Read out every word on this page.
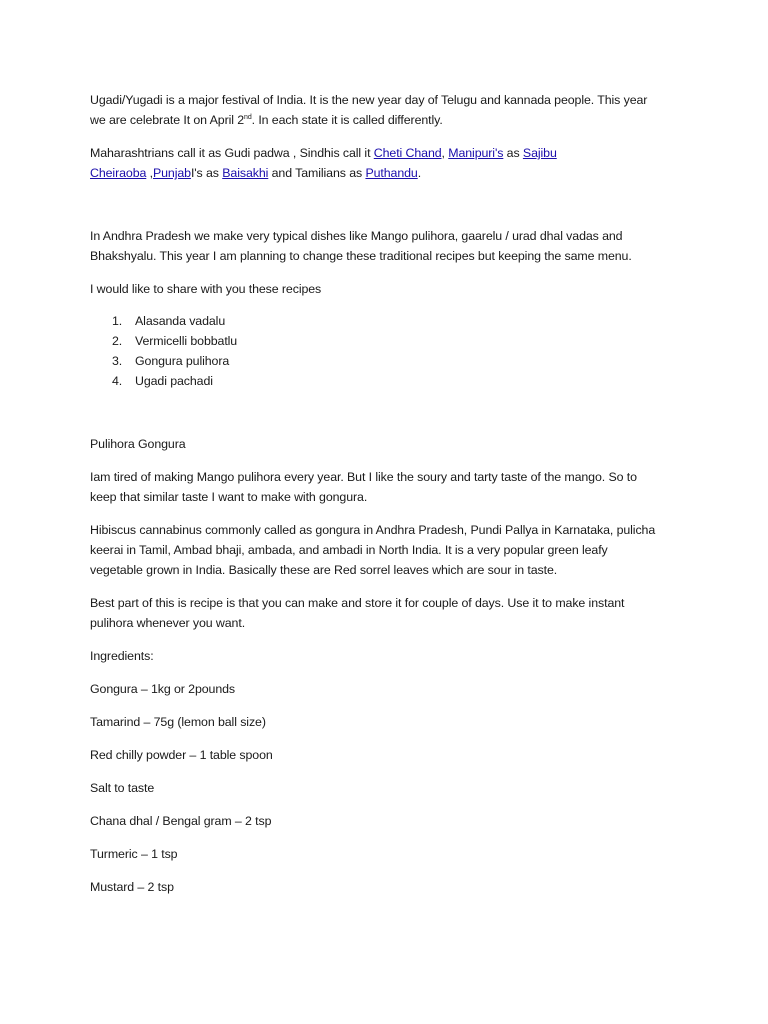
Ugadi/Yugadi is a major festival of India. It is the new year day of Telugu and kannada people. This year
we are celebrate It on April 2nd. In each state it is called differently.

Maharashtrians call it as Gudi padwa , Sindhis call it Cheti Chand, Manipuri's as Sajibu
Cheiraoba ,PunjabI's as Baisakhi and Tamilians as Puthandu.

In Andhra Pradesh we make very typical dishes like Mango pulihora, gaarelu / urad dhal vadas and
Bhakshyalu. This year I am planning to change these traditional recipes but keeping the same menu.

I would like to share with you these recipes

1. Alasanda vadalu
2. Vermicelli bobbatlu
3. Gongura pulihora
4. Ugadi pachadi

Pulihora Gongura

Iam tired of making Mango pulihora every year. But I like the soury and tarty taste of the mango. So to
keep that similar taste I want to make with gongura.

Hibiscus cannabinus commonly called as gongura in Andhra Pradesh, Pundi Pallya in Karnataka, pulicha
keerai in Tamil, Ambad bhaji, ambada, and ambadi in North India. It is a very popular green leafy
vegetable grown in India. Basically these are Red sorrel leaves which are sour in taste.

Best part of this is recipe is that you can make and store it for couple of days. Use it to make instant
pulihora whenever you want.

Ingredients:

Gongura – 1kg or 2pounds

Tamarind – 75g (lemon ball size)

Red chilly powder – 1 table spoon

Salt to taste

Chana dhal / Bengal gram – 2 tsp

Turmeric – 1 tsp

Mustard – 2 tsp
